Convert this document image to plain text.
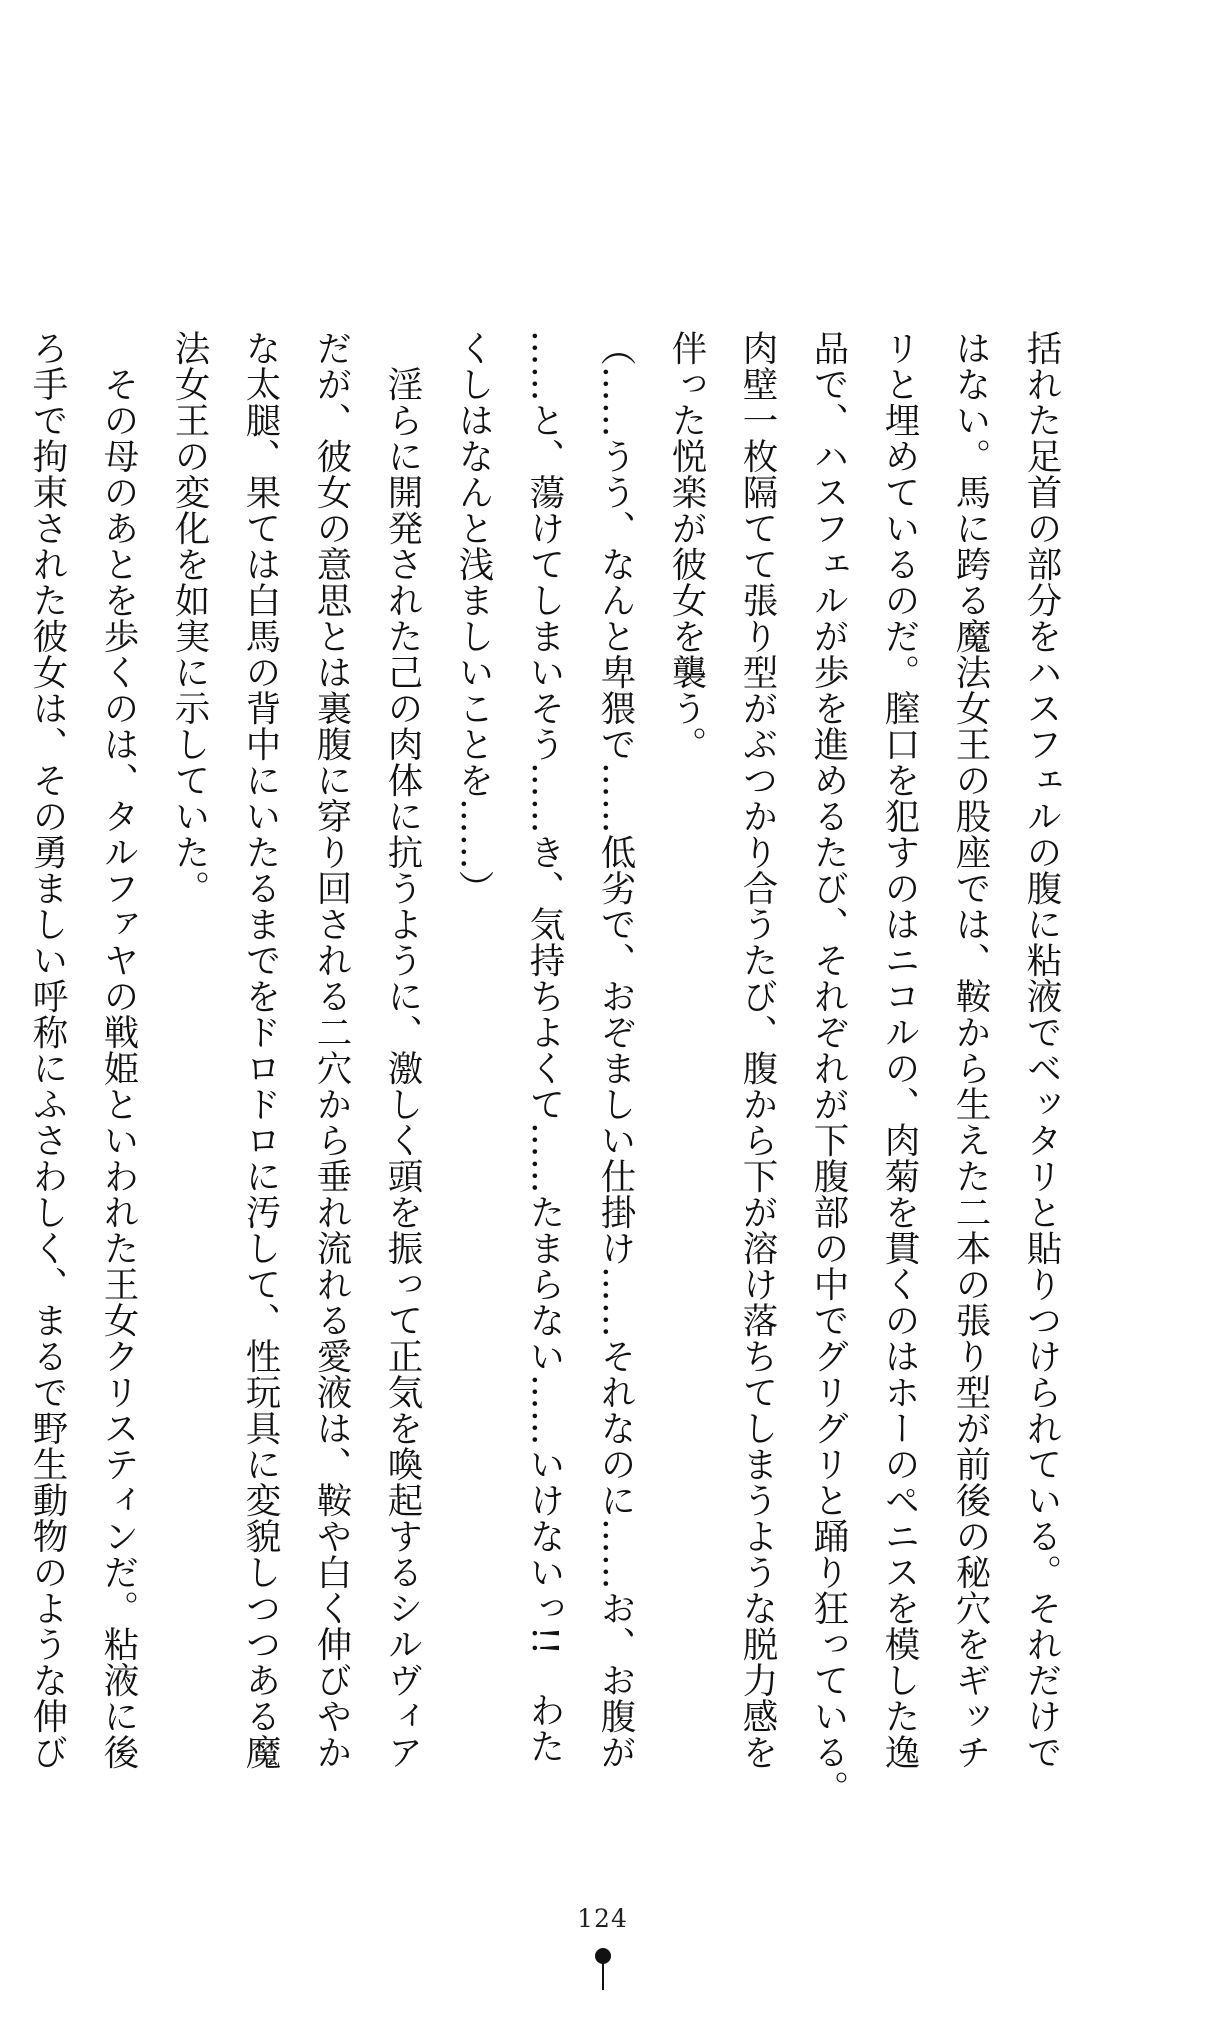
括れた足首の部分をハスフェルの腹に粘液でベッタリと貼りつけられている。それだけで
はない。馬に跨る魔法女王の股座では、鞍から生えた二本の張り型が前後の秘穴をギッチ
リと埋めているのだ。膣口を犯すのはニコルの、肉菊を貫くのはホーのペニスを模した逸
品で、ハスフェルが歩を進めるたび、それぞれが下腹部の中でグリグリと踊り狂っている。
肉壁一枚隔てて張り型がぶつかり合うたび、腹から下が溶け落ちてしまうような脱力感を
伴った悦楽が彼女を襲う。
（……うう、なんと卑猥で……低劣で、おぞましい仕掛け……それなのに……お、お腹が
……と、蕩けてしまいそう……き、気持ちよくて……たまらない……いけないっ!!　わた
くしはなんと浅ましいことを……）
　淫らに開発された己の肉体に抗うように、激しく頭を振って正気を喚起するシルヴィア
だが、彼女の意思とは裏腹に穿り回される二穴から垂れ流れる愛液は、鞍や白く伸びやか
な太腿、果ては白馬の背中にいたるまでをドロドロに汚して、性玩具に変貌しつつある魔
法女王の変化を如実に示していた。
　その母のあとを歩くのは、タルファヤの戦姫といわれた王女クリスティンだ。粘液に後
ろ手で拘束された彼女は、その勇ましい呼称にふさわしく、まるで野生動物のような伸び
124
